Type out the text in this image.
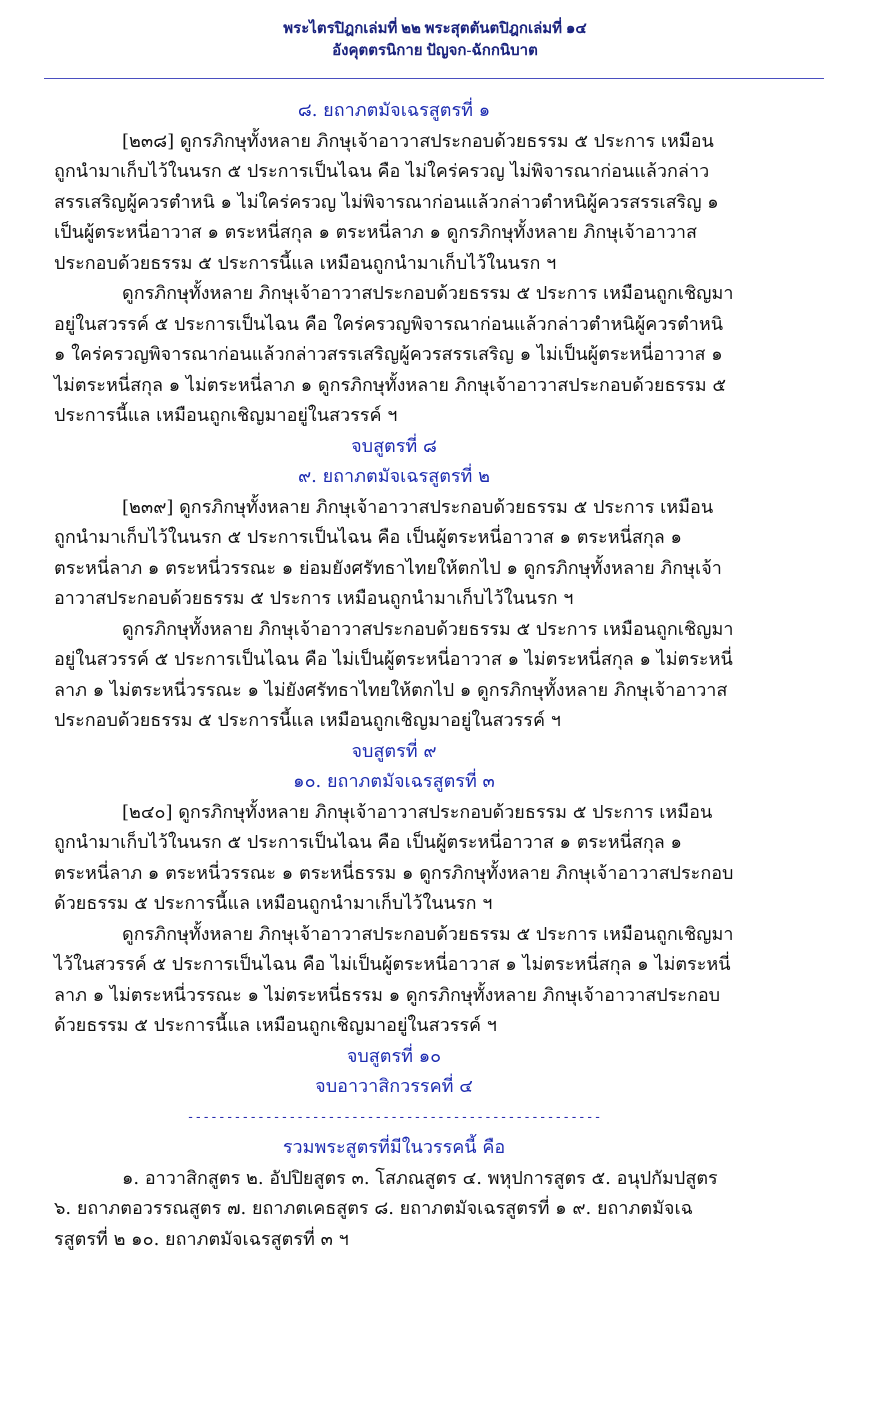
พระไตรปิฎกเล่มที่ ๒๒ พระสุตตันตปิฎกเล่มที่ ๑๔
อังคุตตรนิกาย ปัญจก-ฉักกนิบาต
๘. ยถาภตมัจเฉรสูตรที่ ๑

[๒๓๘] ดูกรภิกษุทั้งหลาย ภิกษุเจ้าอาวาสประกอบด้วยธรรม ๕ ประการ เหมือนถูกนำมาเก็บไว้ในนรก ๕ ประการเป็นไฉน คือ ไม่ใคร่ครวญ ไม่พิจารณาก่อนแล้วกล่าวสรรเสริญผู้ควรตำหนิ ๑ ไม่ใคร่ครวญ ไม่พิจารณาก่อนแล้วกล่าวตำหนิผู้ควรสรรเสริญ ๑ เป็นผู้ตระหนี่อาวาส ๑ ตระหนี่สกุล ๑ ตระหนี่ลาภ ๑ ดูกรภิกษุทั้งหลาย ภิกษุเจ้าอาวาสประกอบด้วยธรรม ๕ ประการนี้แล เหมือนถูกนำมาเก็บไว้ในนรก ฯ

ดูกรภิกษุทั้งหลาย ภิกษุเจ้าอาวาสประกอบด้วยธรรม ๕ ประการ เหมือนถูกเชิญมาอยู่ในสวรรค์ ๕ ประการเป็นไฉน คือ ใคร่ครวญพิจารณาก่อนแล้วกล่าวตำหนิผู้ควรตำหนิ ๑ ใคร่ครวญพิจารณาก่อนแล้วกล่าวสรรเสริญผู้ควรสรรเสริญ ๑ ไม่เป็นผู้ตระหนี่อาวาส ๑ ไม่ตระหนี่สกุล ๑ ไม่ตระหนี่ลาภ ๑ ดูกรภิกษุทั้งหลาย ภิกษุเจ้าอาวาสประกอบด้วยธรรม ๕ ประการนี้แล เหมือนถูกเชิญมาอยู่ในสวรรค์ ฯ

จบสูตรที่ ๘
๙. ยถาภตมัจเฉรสูตรที่ ๒

[๒๓๙] ดูกรภิกษุทั้งหลาย ภิกษุเจ้าอาวาสประกอบด้วยธรรม ๕ ประการ เหมือนถูกนำมาเก็บไว้ในนรก ๕ ประการเป็นไฉน คือ เป็นผู้ตระหนี่อาวาส ๑ ตระหนี่สกุล ๑ ตระหนี่ลาภ ๑ ตระหนี่วรรณะ ๑ ย่อมยังศรัทธาไทยให้ตกไป ๑ ดูกรภิกษุทั้งหลาย ภิกษุเจ้าอาวาสประกอบด้วยธรรม ๕ ประการ เหมือนถูกนำมาเก็บไว้ในนรก ฯ

ดูกรภิกษุทั้งหลาย ภิกษุเจ้าอาวาสประกอบด้วยธรรม ๕ ประการ เหมือนถูกเชิญมาอยู่ในสวรรค์ ๕ ประการเป็นไฉน คือ ไม่เป็นผู้ตระหนี่อาวาส ๑ ไม่ตระหนี่สกุล ๑ ไม่ตระหนี่ลาภ ๑ ไม่ตระหนี่วรรณะ ๑ ไม่ยังศรัทธาไทยให้ตกไป ๑ ดูกรภิกษุทั้งหลาย ภิกษุเจ้าอาวาสประกอบด้วยธรรม ๕ ประการนี้แล เหมือนถูกเชิญมาอยู่ในสวรรค์ ฯ

จบสูตรที่ ๙
๑๐. ยถาภตมัจเฉรสูตรที่ ๓

[๒๔๐] ดูกรภิกษุทั้งหลาย ภิกษุเจ้าอาวาสประกอบด้วยธรรม ๕ ประการ เหมือนถูกนำมาเก็บไว้ในนรก ๕ ประการเป็นไฉน คือ เป็นผู้ตระหนี่อาวาส ๑ ตระหนี่สกุล ๑ ตระหนี่ลาภ ๑ ตระหนี่วรรณะ ๑ ตระหนี่ธรรม ๑ ดูกรภิกษุทั้งหลาย ภิกษุเจ้าอาวาสประกอบด้วยธรรม ๕ ประการนี้แล เหมือนถูกนำมาเก็บไว้ในนรก ฯ

ดูกรภิกษุทั้งหลาย ภิกษุเจ้าอาวาสประกอบด้วยธรรม ๕ ประการ เหมือนถูกเชิญมาไว้ในสวรรค์ ๕ ประการเป็นไฉน คือ ไม่เป็นผู้ตระหนี่อาวาส ๑ ไม่ตระหนี่สกุล ๑ ไม่ตระหนี่ลาภ ๑ ไม่ตระหนี่วรรณะ ๑ ไม่ตระหนี่ธรรม ๑ ดูกรภิกษุทั้งหลาย ภิกษุเจ้าอาวาสประกอบด้วยธรรม ๕ ประการนี้แล เหมือนถูกเชิญมาอยู่ในสวรรค์ ฯ

จบสูตรที่ ๑๐
จบอาวาสิกวรรคที่ ๔
-----------------------------------------------------
รวมพระสูตรที่มีในวรรคนี้ คือ

๑. อาวาสิกสูตร ๒. อัปปิยสูตร ๓. โสภณสูตร ๔. พหุปการสูตร ๕. อนุปกัมปสูตร ๖. ยถาภตอวรรณสูตร ๗. ยถาภตเคธสูตร ๘. ยถาภตมัจเฉรสูตรที่ ๑ ๙. ยถาภตมัจเฉรสูตรที่ ๒ ๑๐. ยถาภตมัจเฉรสูตรที่ ๓ ฯ
